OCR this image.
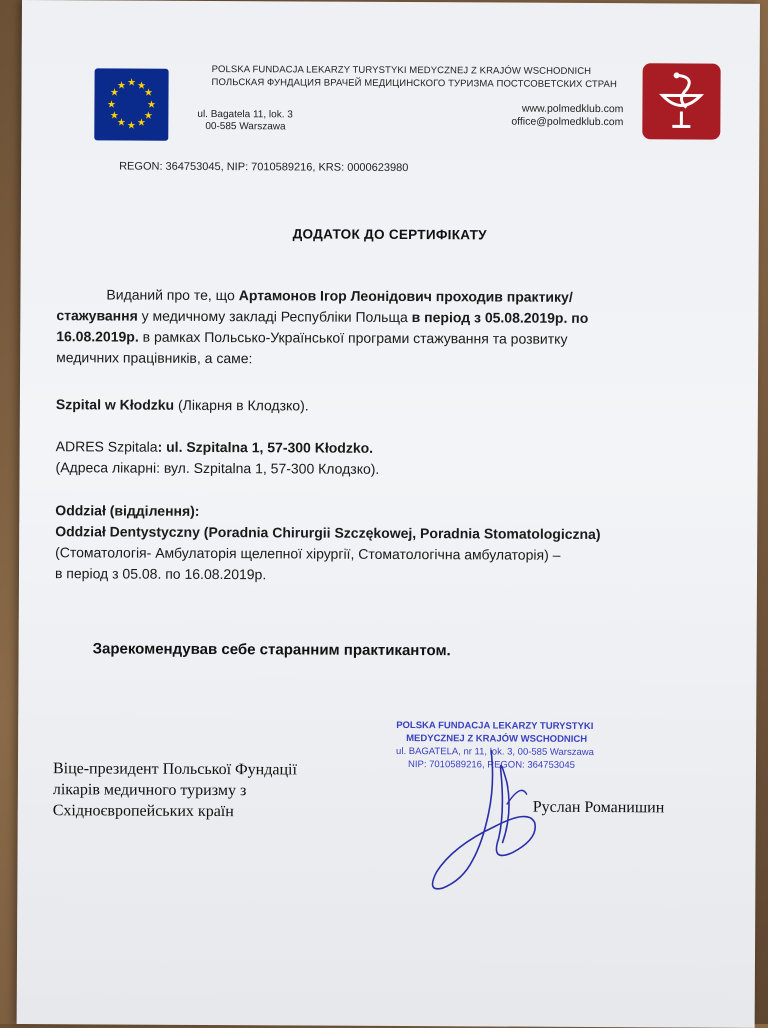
★ ★
★
★
★
★
★
★
★
★
★
★
POLSKA FUNDACJA LEKARZY TURYSTYKI MEDYCZNEJ Z KRAJÓW WSCHODNICH
ПОЛЬСКАЯ ФУНДАЦИЯ ВРАЧЕЙ МЕДИЦИНСКОГО ТУРИЗМА ПОСТСОВЕТСКИХ СТРАН
ul. Bagatela 11, lok. 3
00-585 Warszawa
www.polmedklub.com
office@polmedklub.com
REGON: 364753045, NIP: 7010589216, KRS: 0000623980
ДОДАТОК ДО СЕРТИФІКАТУ
Виданий про те, що Артамонов Ігор Леонідович проходив практику/
стажування у медичному закладі Республіки Польща в період з 05.08.2019р. по
16.08.2019р. в рамках Польсько-Української програми стажування та розвитку
медичних працівників, а саме:
Szpital w Kłodzku (Лікарня в Клодзко).
ADRES Szpitala: ul. Szpitalna 1, 57-300 Kłodzko.
(Адреса лікарні: вул. Szpitalna 1, 57-300 Клодзко).
Oddział (відділення):
Oddział Dentystyczny (Poradnia Chirurgii Szczękowej, Poradnia Stomatologiczna)
(Стоматологія- Амбулаторія щелепної хірургії, Стоматологічна амбулаторія) –
в період з 05.08. по 16.08.2019р.
Зарекомендував себе старанним практикантом.
Віце-президент Польської Фундації
лікарів медичного туризму з
Східноєвропейських країн
POLSKA FUNDACJA LEKARZY TURYSTYKI
MEDYCZNEJ Z KRAJÓW WSCHODNICH
ul. BAGATELA, nr 11, lok. 3, 00-585 Warszawa
NIP: 7010589216, REGON: 364753045
Руслан Романишин
